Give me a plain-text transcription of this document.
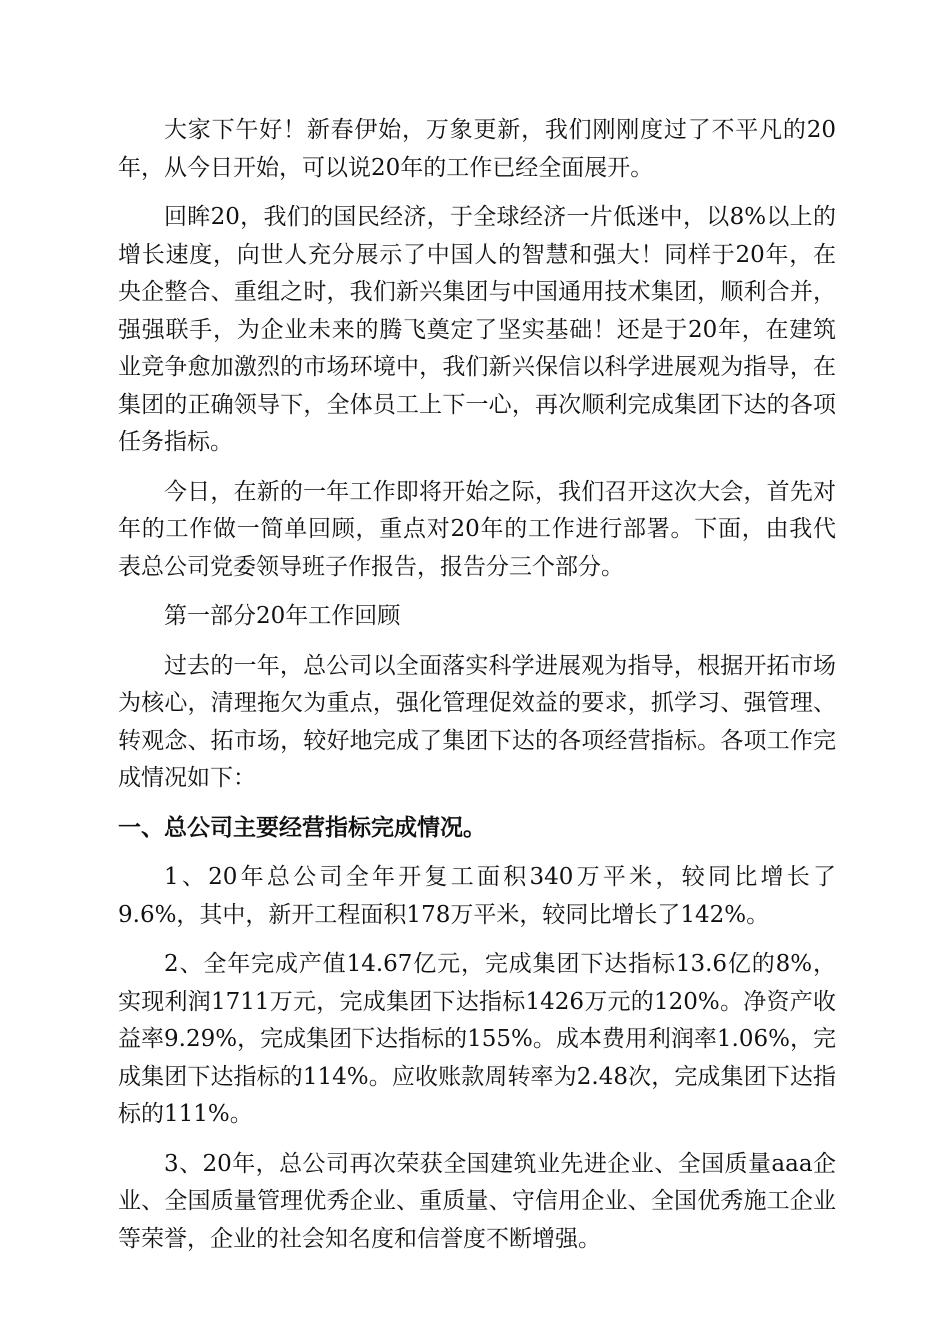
大家下午好！新春伊始，万象更新，我们刚刚度过了不平凡的20年，从今日开始，可以说20年的工作已经全面展开。

回眸20，我们的国民经济，于全球经济一片低迷中，以8%以上的增长速度，向世人充分展示了中国人的智慧和强大！同样于20年，在央企整合、重组之时，我们新兴集团与中国通用技术集团，顺利合并，强强联手，为企业未来的腾飞奠定了坚实基础！还是于20年，在建筑业竞争愈加激烈的市场环境中，我们新兴保信以科学进展观为指导，在集团的正确领导下，全体员工上下一心，再次顺利完成集团下达的各项任务指标。

今日，在新的一年工作即将开始之际，我们召开这次大会，首先对年的工作做一简单回顾，重点对20年的工作进行部署。下面，由我代表总公司党委领导班子作报告，报告分三个部分。

第一部分20年工作回顾

过去的一年，总公司以全面落实科学进展观为指导，根据开拓市场为核心，清理拖欠为重点，强化管理促效益的要求，抓学习、强管理、转观念、拓市场，较好地完成了集团下达的各项经营指标。各项工作完成情况如下：

一、总公司主要经营指标完成情况。

1、20年总公司全年开复工面积340万平米，较同比增长了9.6%，其中，新开工程面积178万平米，较同比增长了142%。

2、全年完成产值14.67亿元，完成集团下达指标13.6亿的8%，实现利润1711万元，完成集团下达指标1426万元的120%。净资产收益率9.29%，完成集团下达指标的155%。成本费用利润率1.06%，完成集团下达指标的114%。应收账款周转率为2.48次，完成集团下达指标的111%。

3、20年，总公司再次荣获全国建筑业先进企业、全国质量aaa企业、全国质量管理优秀企业、重质量、守信用企业、全国优秀施工企业等荣誉，企业的社会知名度和信誉度不断增强。
